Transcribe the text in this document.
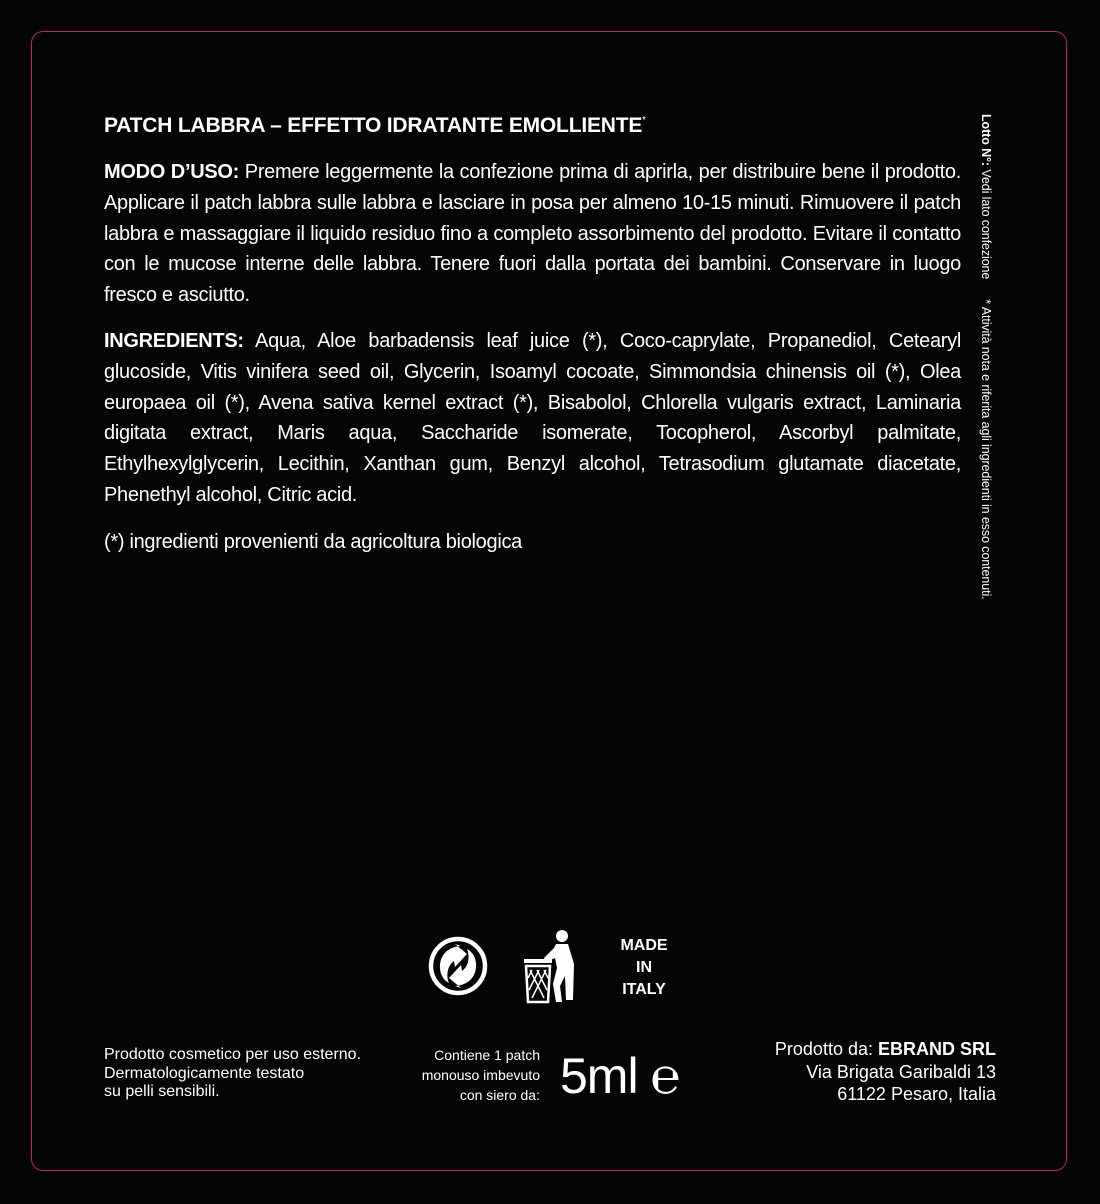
PATCH LABBRA – EFFETTO IDRATANTE EMOLLIENTE*

MODO D’USO: Premere leggermente la confezione prima di aprirla, per distribuire bene il prodotto. Applicare il patch labbra sulle labbra e lasciare in posa per almeno 10-15 minuti. Rimuovere il patch labbra e massaggiare il liquido residuo fino a completo assorbimento del prodotto. Evitare il contatto con le mucose interne delle labbra. Tenere fuori dalla portata dei bambini. Conservare in luogo fresco e asciutto.

INGREDIENTS: Aqua, Aloe barbadensis leaf juice (*), Coco-caprylate, Propanediol, Cetearyl glucoside, Vitis vinifera seed oil, Glycerin, Isoamyl cocoate, Simmondsia chinensis oil (*), Olea europaea oil (*), Avena sativa kernel extract (*), Bisabolol, Chlorella vulgaris extract, Laminaria digitata extract, Maris aqua, Saccharide isomerate, Tocopherol, Ascorbyl palmitate, Ethylhexylglycerin, Lecithin, Xanthan gum, Benzyl alcohol, Tetrasodium glutamate diacetate, Phenethyl alcohol, Citric acid.

(*) ingredienti provenienti da agricoltura biologica

Lotto N°: Vedi lato confezione* Attività nota e riferita agli ingredienti in esso contenuti.

MADE
IN
ITALY

Prodotto cosmetico per uso esterno.
Dermatologicamente testato
su pelli sensibili.

Contiene 1 patch
monouso imbevuto
con siero da: 5ml ℮	Prodotto da: EBRAND SRL
Via Brigata Garibaldi 13
61122 Pesaro, Italia
